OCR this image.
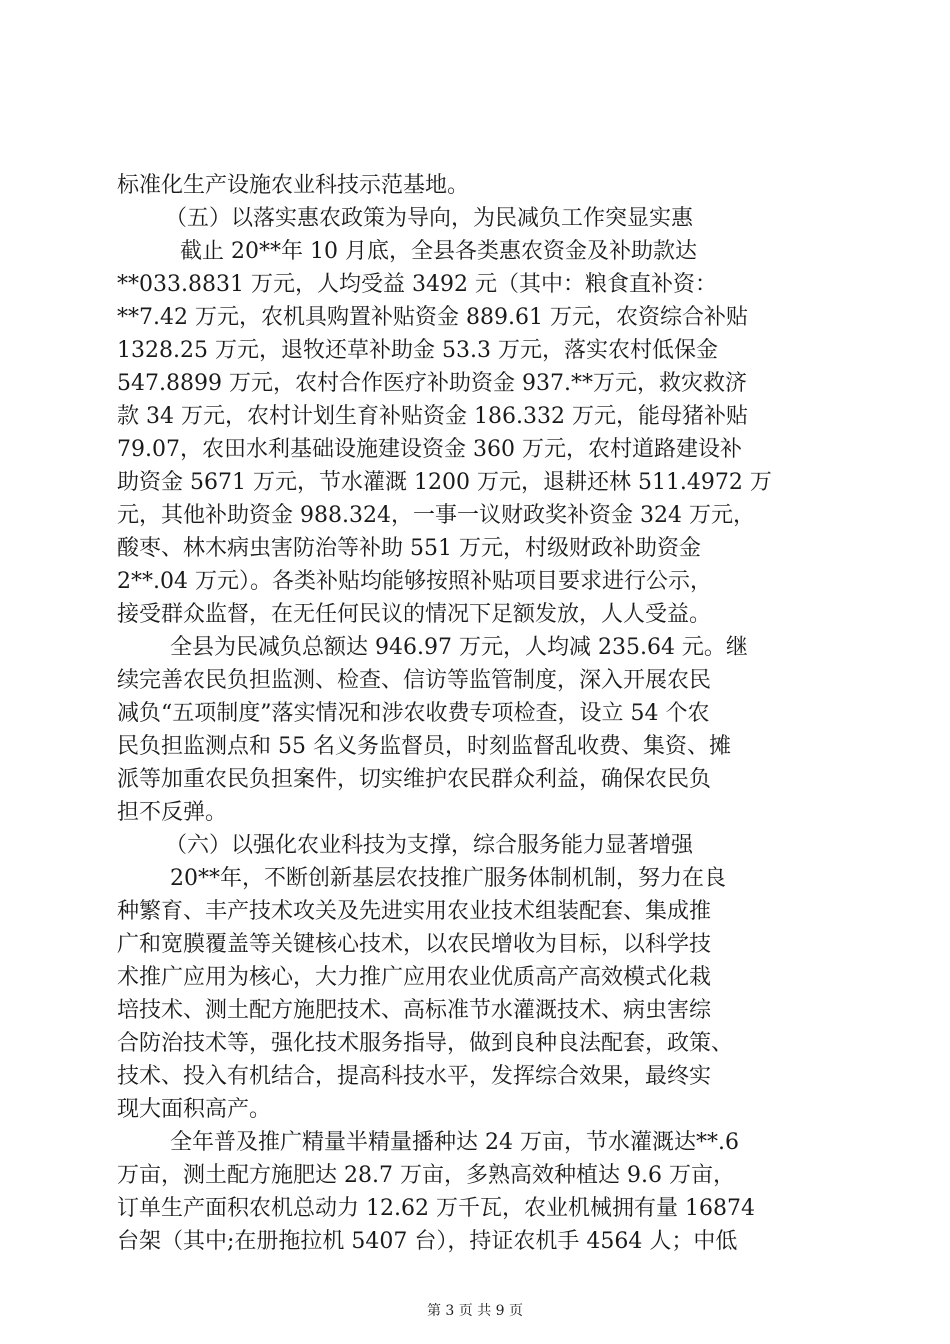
标准化生产设施农业科技示范基地。
（五）以落实惠农政策为导向，为民减负工作突显实惠
截止 20**年 10 月底，全县各类惠农资金及补助款达
**033.8831 万元，人均受益 3492 元（其中：粮食直补资：
**7.42 万元，农机具购置补贴资金 889.61 万元，农资综合补贴
1328.25 万元，退牧还草补助金 53.3 万元，落实农村低保金
547.8899 万元，农村合作医疗补助资金 937.**万元，救灾救济
款 34 万元，农村计划生育补贴资金 186.332 万元，能母猪补贴
79.07，农田水利基础设施建设资金 360 万元，农村道路建设补
助资金 5671 万元，节水灌溉 1200 万元，退耕还林 511.4972 万
元，其他补助资金 988.324，一事一议财政奖补资金 324 万元，
酸枣、林木病虫害防治等补助 551 万元，村级财政补助资金
2**.04 万元）。各类补贴均能够按照补贴项目要求进行公示，
接受群众监督，在无任何民议的情况下足额发放，人人受益。
全县为民减负总额达 946.97 万元，人均减 235.64 元。继
续完善农民负担监测、检查、信访等监管制度，深入开展农民
减负“五项制度”落实情况和涉农收费专项检查，设立 54 个农
民负担监测点和 55 名义务监督员，时刻监督乱收费、集资、摊
派等加重农民负担案件，切实维护农民群众利益，确保农民负
担不反弹。
（六）以强化农业科技为支撑，综合服务能力显著增强
20**年，不断创新基层农技推广服务体制机制，努力在良
种繁育、丰产技术攻关及先进实用农业技术组装配套、集成推
广和宽膜覆盖等关键核心技术，以农民增收为目标，以科学技
术推广应用为核心，大力推广应用农业优质高产高效模式化栽
培技术、测土配方施肥技术、高标准节水灌溉技术、病虫害综
合防治技术等，强化技术服务指导，做到良种良法配套，政策、
技术、投入有机结合，提高科技水平，发挥综合效果，最终实
现大面积高产。
全年普及推广精量半精量播种达 24 万亩，节水灌溉达**.6
万亩，测土配方施肥达 28.7 万亩，多熟高效种植达 9.6 万亩，
订单生产面积农机总动力 12.62 万千瓦，农业机械拥有量 16874
台架（其中;在册拖拉机 5407 台），持证农机手 4564 人；中低
第 3 页 共 9 页
